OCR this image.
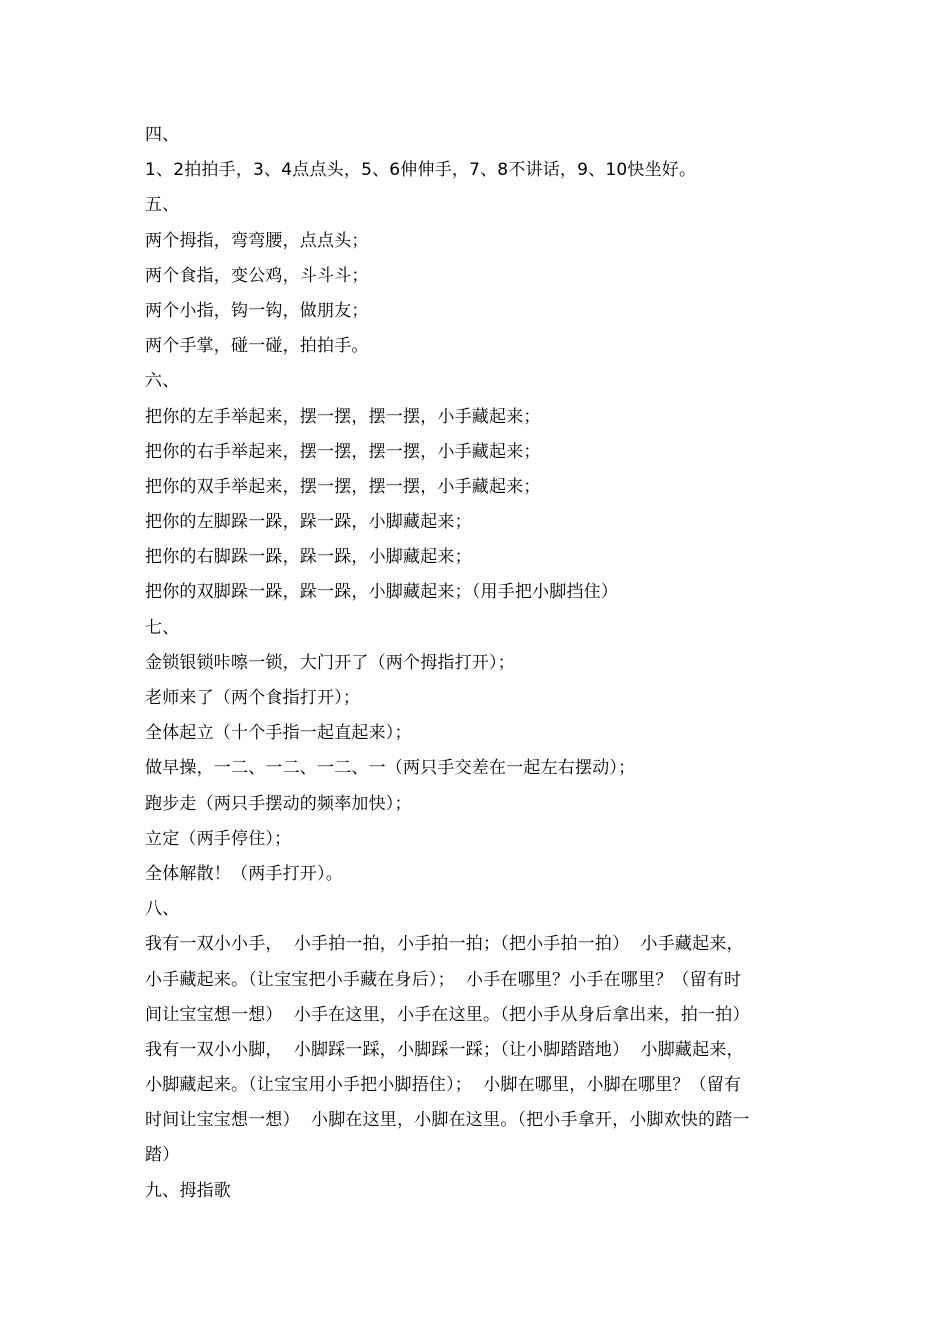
四、
1、2拍拍手，3、4点点头，5、6伸伸手，7、8不讲话，9、10快坐好。
五、
两个拇指，弯弯腰，点点头；
两个食指，变公鸡，斗斗斗；
两个小指，钩一钩，做朋友；
两个手掌，碰一碰，拍拍手。
六、
把你的左手举起来，摆一摆，摆一摆，小手藏起来；
把你的右手举起来，摆一摆，摆一摆，小手藏起来；
把你的双手举起来，摆一摆，摆一摆，小手藏起来；
把你的左脚跺一跺，跺一跺，小脚藏起来；
把你的右脚跺一跺，跺一跺，小脚藏起来；
把你的双脚跺一跺，跺一跺，小脚藏起来；（用手把小脚挡住）
七、
金锁银锁咔嚓一锁，大门开了（两个拇指打开）；
老师来了（两个食指打开）；
全体起立（十个手指一起直起来）；
做早操，一二、一二、一二、一（两只手交差在一起左右摆动）；
跑步走（两只手摆动的频率加快）；
立定（两手停住）；
全体解散！（两手打开）。
八、
我有一双小小手，  小手拍一拍，小手拍一拍；（把小手拍一拍）  小手藏起来，
小手藏起来。（让宝宝把小手藏在身后）；  小手在哪里？小手在哪里？（留有时
间让宝宝想一想）  小手在这里，小手在这里。（把小手从身后拿出来，拍一拍）
我有一双小小脚，  小脚踩一踩，小脚踩一踩；（让小脚踏踏地）  小脚藏起来，
小脚藏起来。（让宝宝用小手把小脚捂住）；  小脚在哪里，小脚在哪里？（留有
时间让宝宝想一想）  小脚在这里，小脚在这里。（把小手拿开，小脚欢快的踏一
踏）
九、拇指歌
